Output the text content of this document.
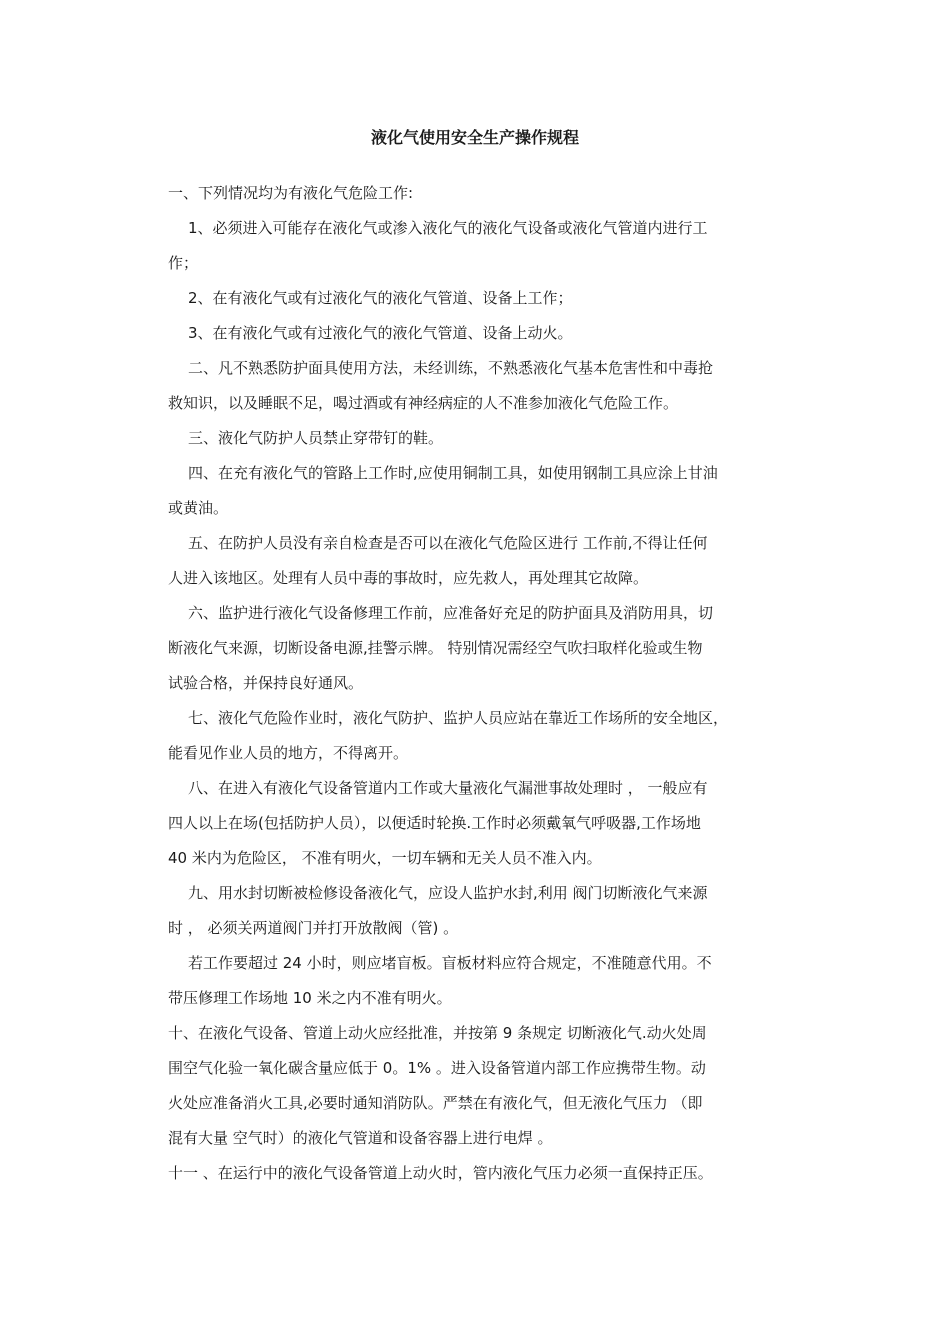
液化气使用安全生产操作规程

一、下列情况均为有液化气危险工作:

1、必须进入可能存在液化气或渗入液化气的液化气设备或液化气管道内进行工

作；

2、在有液化气或有过液化气的液化气管道、设备上工作；

3、在有液化气或有过液化气的液化气管道、设备上动火。

二、凡不熟悉防护面具使用方法，未经训练，不熟悉液化气基本危害性和中毒抢

救知识，以及睡眠不足，喝过酒或有神经病症的人不准参加液化气危险工作。

三、液化气防护人员禁止穿带钉的鞋。

四、在充有液化气的管路上工作时,应使用铜制工具，如使用钢制工具应涂上甘油

或黄油。

五、在防护人员没有亲自检查是否可以在液化气危险区进行 工作前,不得让任何

人进入该地区。处理有人员中毒的事故时，应先救人，再处理其它故障。

六、监护进行液化气设备修理工作前，应准备好充足的防护面具及消防用具，切

断液化气来源，切断设备电源,挂警示牌。 特别情况需经空气吹扫取样化验或生物

试验合格，并保持良好通风。

七、液化气危险作业时，液化气防护、监护人员应站在靠近工作场所的安全地区，

能看见作业人员的地方，不得离开。

八、在进入有液化气设备管道内工作或大量液化气漏泄事故处理时 ， 一般应有

四人以上在场(包括防护人员），以便适时轮换.工作时必须戴氧气呼吸器,工作场地

40 米内为危险区， 不准有明火，一切车辆和无关人员不准入内。

九、用水封切断被检修设备液化气，应设人监护水封,利用 阀门切断液化气来源

时 ， 必须关两道阀门并打开放散阀（管) 。

若工作要超过 24 小时，则应堵盲板。盲板材料应符合规定，不准随意代用。不

带压修理工作场地 10 米之内不准有明火。

十、在液化气设备、管道上动火应经批准，并按第 9 条规定 切断液化气.动火处周

围空气化验一氧化碳含量应低于 0。1% 。进入设备管道内部工作应携带生物。动

火处应准备消火工具,必要时通知消防队。严禁在有液化气，但无液化气压力 （即

混有大量 空气时）的液化气管道和设备容器上进行电焊 。

十一 、在运行中的液化气设备管道上动火时，管内液化气压力必须一直保持正压。
